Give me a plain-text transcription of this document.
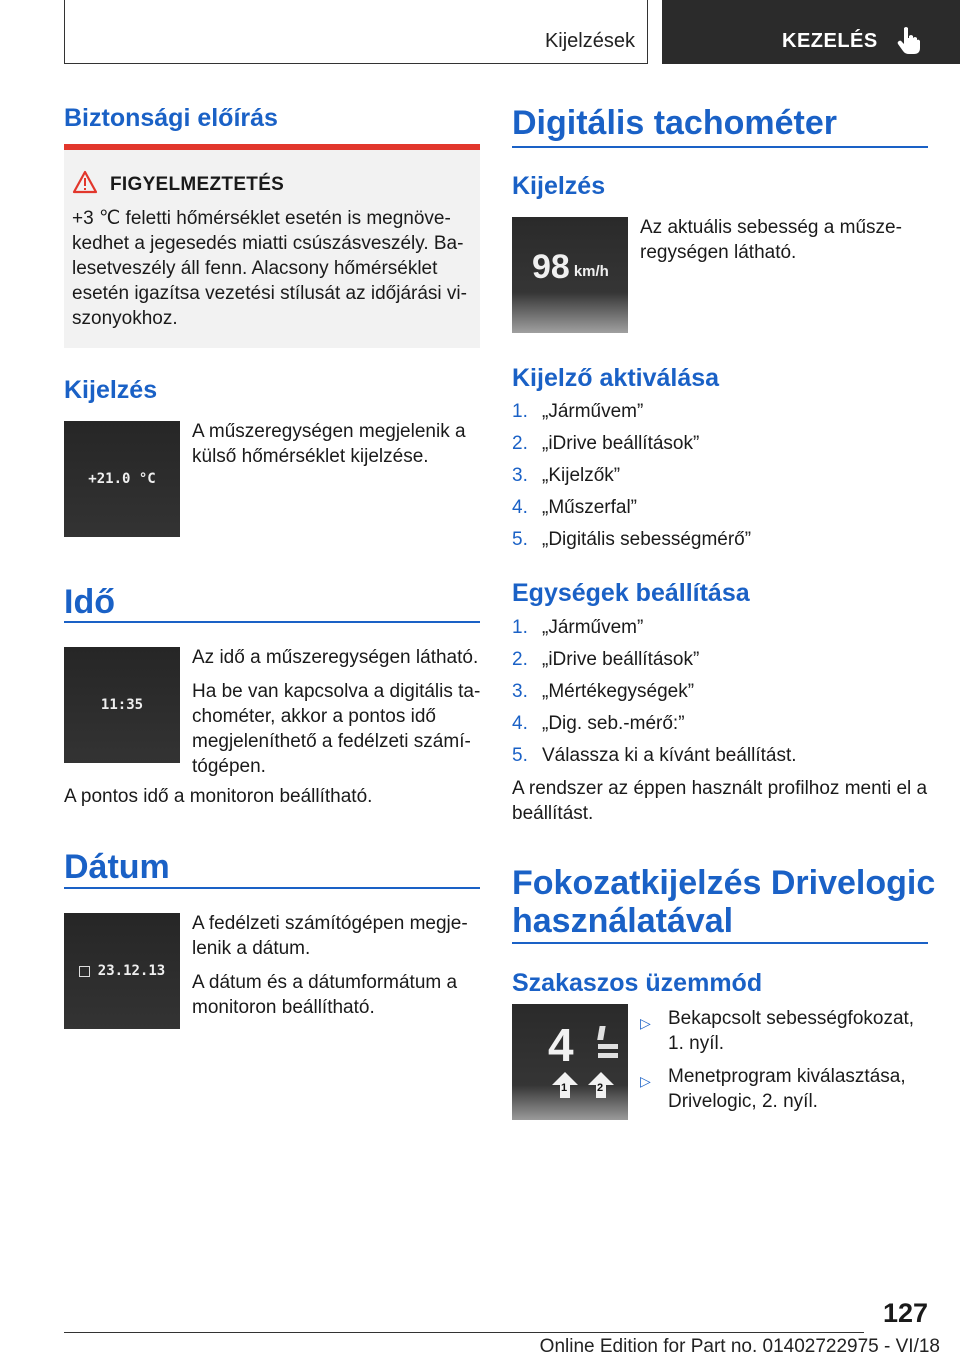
Kijelzések	KEZELÉS
Biztonsági előírás
FIGYELMEZTETÉS

+3 ℃ feletti hőmérséklet esetén is megnöve‐

kedhet a jegesedés miatti csúszásveszély. Ba‐

lesetveszély áll fenn. Alacsony hőmérséklet

esetén igazítsa vezetési stílusát az időjárási vi‐

szonyokhoz.

Kijelzés
+21.0 °C

A műszeregységen megjelenik a

külső hőmérséklet kijelzése.

Idő
11:35

Az idő a műszeregységen látható.

Ha be van kapcsolva a digitális ta‐

chométer, akkor a pontos idő

megjeleníthető a fedélzeti számí‐

tógépen.

A pontos idő a monitoron beállítható.
Dátum
23.12.13

A fedélzeti számítógépen megje‐

lenik a dátum.

A dátum és a dátumformátum a

monitoron beállítható.

Digitális tachométer
Kijelzés
98 km/h

Az aktuális sebesség a műsze‐

regységen látható.

Kijelző aktiválása
1. „Járművem”
2. „iDrive beállítások”
3. „Kijelzők”
4. „Műszerfal”
5. „Digitális sebességmérő”
Egységek beállítása
1. „Járművem”
2. „iDrive beállítások”
3. „Mértékegységek”
4. „Dig. seb.-mérő:”
5. Válassza ki a kívánt beállítást.

A rendszer az éppen használt profilhoz menti el a

beállítást.

Fokozatkijelzés Drivelogic
használatával
Szakaszos üzemmód
4
1	2
▷ Bekapcsolt sebességfokozat,
1. nyíl.
▷ Menetprogram kiválasztása,
Drivelogic, 2. nyíl.
127
Online Edition for Part no. 01402722975 - VI/18
